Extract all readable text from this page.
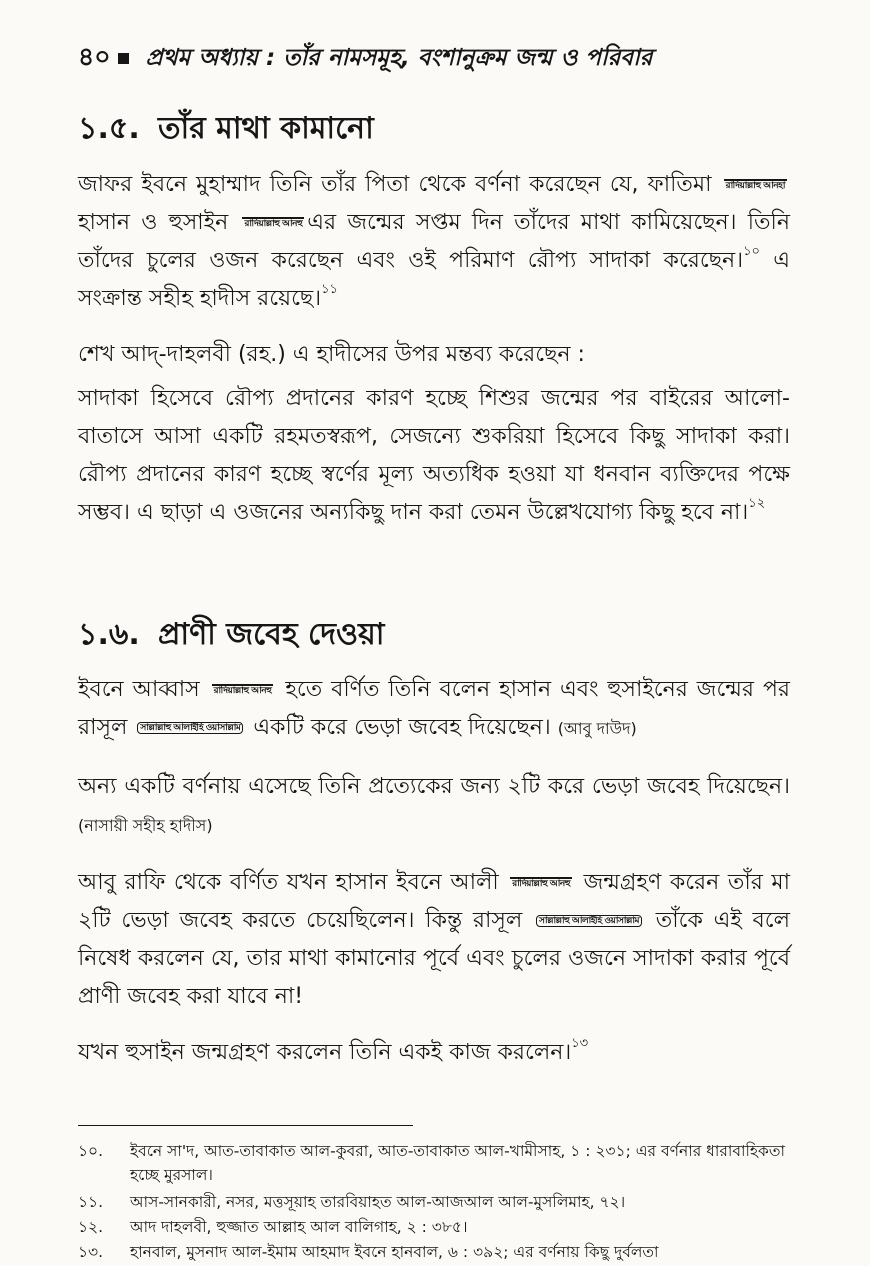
৪০ প্রথম অধ্যায় : তাঁর নামসমূহ, বংশানুক্রম জন্ম ও পরিবার
১.৫. তাঁর মাথা কামানো

জাফর ইবনে মুহাম্মাদ তিনি তাঁর পিতা থেকে বর্ণনা করেছেন যে, ফাতিমা রাদিয়াল্লাহু আনহা হাসান ও হুসাইন রাদিয়াল্লাহু আনহু এর জন্মের সপ্তম দিন তাঁদের মাথা কামিয়েছেন। তিনি তাঁদের চুলের ওজন করেছেন এবং ওই পরিমাণ রৌপ্য সাদাকা করেছেন।$^{১০}$ এ সংক্রান্ত সহীহ হাদীস রয়েছে।$^{১১}$

শেখ আদ্‌-দাহলবী (রহ.) এ হাদীসের উপর মন্তব্য করেছেন :

সাদাকা হিসেবে রৌপ্য প্রদানের কারণ হচ্ছে শিশুর জন্মের পর বাইরের আলো-বাতাসে আসা একটি রহমতস্বরূপ, সেজন্যে শুকরিয়া হিসেবে কিছু সাদাকা করা। রৌপ্য প্রদানের কারণ হচ্ছে স্বর্ণের মূল্য অত্যধিক হওয়া যা ধনবান ব্যক্তিদের পক্ষে সম্ভব। এ ছাড়া এ ওজনের অন্যকিছু দান করা তেমন উল্লেখযোগ্য কিছু হবে না।$^{১২}$

১.৬. প্রাণী জবেহ দেওয়া

ইবনে আব্বাস রাদিয়াল্লাহু আনহু হতে বর্ণিত তিনি বলেন হাসান এবং হুসাইনের জন্মের পর রাসূল সাল্লাল্লাহু আলাইহি ওয়াসাল্লাম একটি করে ভেড়া জবেহ দিয়েছেন। (আবু দাউদ)

অন্য একটি বর্ণনায় এসেছে তিনি প্রত্যেকের জন্য ২টি করে ভেড়া জবেহ দিয়েছেন। (নাসায়ী সহীহ হাদীস)

আবু রাফি থেকে বর্ণিত যখন হাসান ইবনে আলী রাদিয়াল্লাহু আনহু জন্মগ্রহণ করেন তাঁর মা ২টি ভেড়া জবেহ করতে চেয়েছিলেন। কিন্তু রাসূল সাল্লাল্লাহু আলাইহি ওয়াসাল্লাম তাঁকে এই বলে নিষেধ করলেন যে, তার মাথা কামানোর পূর্বে এবং চুলের ওজনে সাদাকা করার পূর্বে প্রাণী জবেহ করা যাবে না!

যখন হুসাইন জন্মগ্রহণ করলেন তিনি একই কাজ করলেন।$^{১৩}$

১০.	ইবনে সা'দ, আত-তাবাকাত আল-কুবরা, আত-তাবাকাত আল-খামীসাহ, ১ : ২৩১; এর বর্ণনার ধারাবাহিকতা হচ্ছে মুরসাল।
১১.	আস-সানকারী, নসর, মত্তসূয়াহ তারবিয়াহত আল-আজআল আল-মুসলিমাহ, ৭২।
১২.	আদ দাহলবী, হুজ্জাত আল্লাহ আল বালিগাহ, ২ : ৩৮৫।
১৩.	হানবাল, মুসনাদ আল-ইমাম আহমাদ ইবনে হানবাল, ৬ : ৩৯২; এর বর্ণনায় কিছু দুর্বলতা
